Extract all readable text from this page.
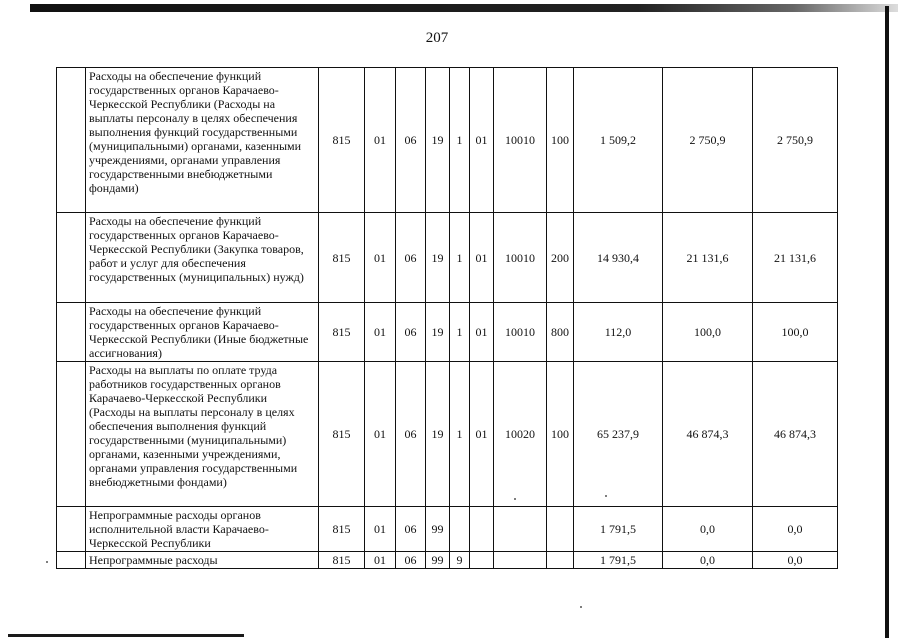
207
	Расходы на обеспечение функций государственных органов Карачаево-Черкесской Республики (Расходы на выплаты персоналу в целях обеспечения выполнения функций государственными (муниципальными) органами, казенными учреждениями, органами управления государственными внебюджетными фондами)	815	01	06	19	1	01	10010	100	1 509,2	2 750,9	2 750,9
	Расходы на обеспечение функций государственных органов Карачаево-Черкесской Республики (Закупка товаров, работ и услуг для обеспечения государственных (муниципальных) нужд)	815	01	06	19	1	01	10010	200	14 930,4	21 131,6	21 131,6
	Расходы на обеспечение функций государственных органов Карачаево-Черкесской Республики (Иные бюджетные ассигнования)	815	01	06	19	1	01	10010	800	112,0	100,0	100,0
	Расходы на выплаты по оплате труда работников государственных органов Карачаево-Черкесской Республики (Расходы на выплаты персоналу в целях обеспечения выполнения функций государственными (муниципальными) органами, казенными учреждениями, органами управления государственными внебюджетными фондами)	815	01	06	19	1	01	10020	100	65 237,9	46 874,3	46 874,3
	Непрограммные расходы органов исполнительной власти Карачаево-Черкесской Республики	815	01	06	99					1 791,5	0,0	0,0
	Непрограммные расходы	815	01	06	99	9				1 791,5	0,0	0,0
